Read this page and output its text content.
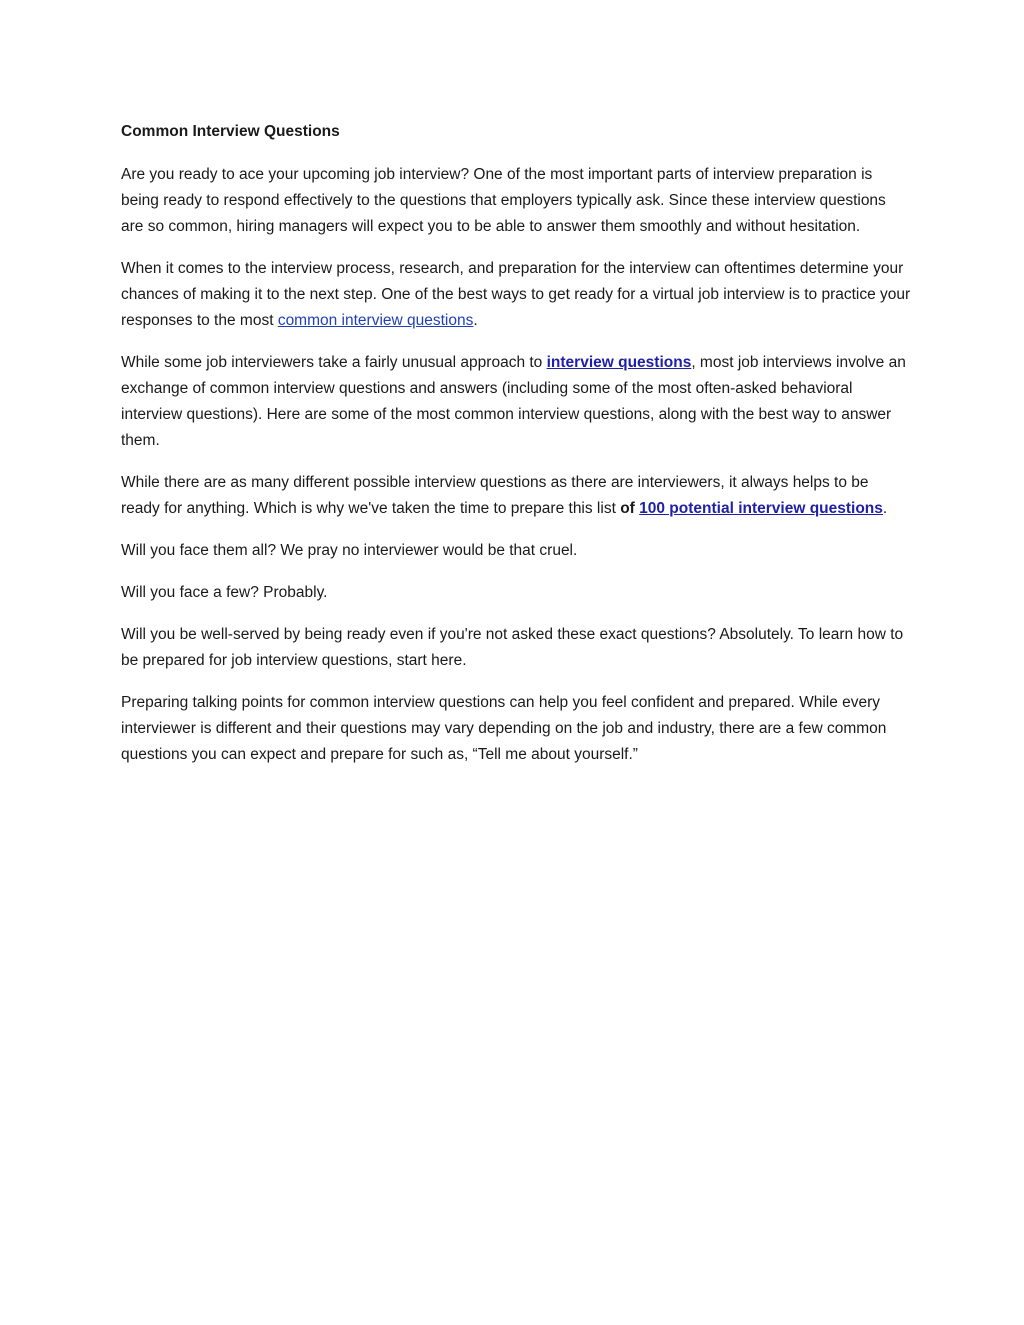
Common Interview Questions

Are you ready to ace your upcoming job interview? One of the most important parts of interview preparation is being ready to respond effectively to the questions that employers typically ask. Since these interview questions are so common, hiring managers will expect you to be able to answer them smoothly and without hesitation.

When it comes to the interview process, research, and preparation for the interview can oftentimes determine your chances of making it to the next step. One of the best ways to get ready for a virtual job interview is to practice your responses to the most common interview questions.

While some job interviewers take a fairly unusual approach to interview questions, most job interviews involve an exchange of common interview questions and answers (including some of the most often-asked behavioral interview questions). Here are some of the most common interview questions, along with the best way to answer them.

While there are as many different possible interview questions as there are interviewers, it always helps to be ready for anything. Which is why we've taken the time to prepare this list of 100 potential interview questions.

Will you face them all? We pray no interviewer would be that cruel.

Will you face a few? Probably.

Will you be well-served by being ready even if you're not asked these exact questions? Absolutely. To learn how to be prepared for job interview questions, start here.

Preparing talking points for common interview questions can help you feel confident and prepared. While every interviewer is different and their questions may vary depending on the job and industry, there are a few common questions you can expect and prepare for such as, “Tell me about yourself.”
